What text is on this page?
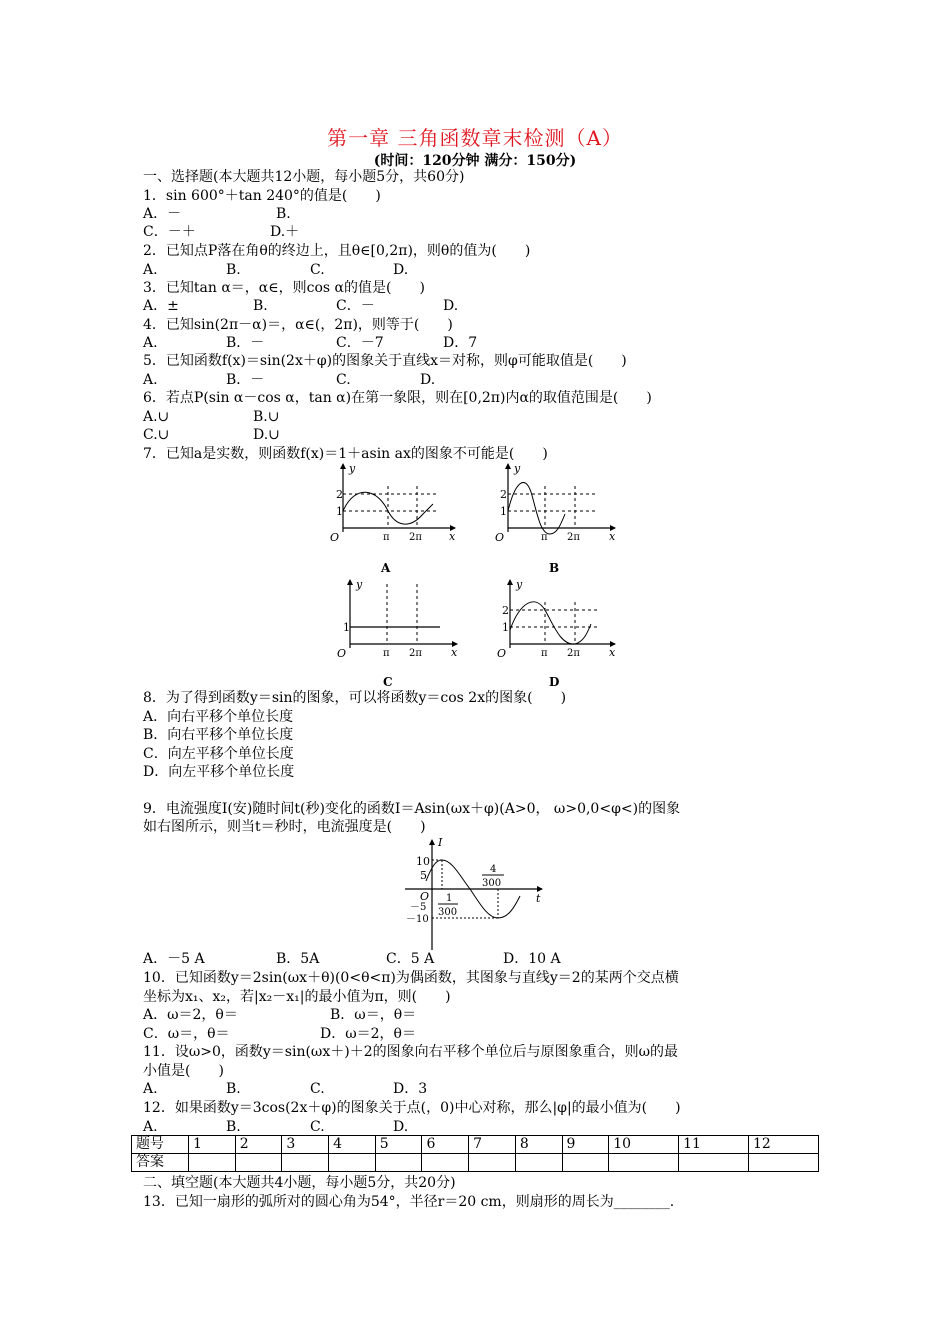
第一章 三角函数章末检测（A）
(时间：120分钟 满分：150分)
一、选择题(本大题共12小题，每小题5分，共60分)
1．sin 600°＋tan 240°的值是(　　)
A．－	B.
C．－＋	D.＋
2．已知点P落在角θ的终边上，且θ∈[0,2π)，则θ的值为(　　)
A.	B.	C.	D.
3．已知tan α＝，α∈，则cos α的值是(　　)
A．±	B.	C．－	D.
4．已知sin(2π－α)＝，α∈(，2π)，则等于(　　)
A.	B．－	C．－7	D．7
5．已知函数f(x)＝sin(2x＋φ)的图象关于直线x＝对称，则φ可能取值是(　　)
A.	B．－	C.	D.
6．若点P(sin α－cos α，tan α)在第一象限，则在[0,2π)内α的取值范围是(　　)
A.∪	B.∪
C.∪	D.∪
7．已知a是实数，则函数f(x)＝1＋asin ax的图象不可能是(　　)
2
1
O
y
x
π 2π
A
2
1
O
y
x
π 2π
B
1
O
y
x
π 2π
C
2
1
O
y
x
π 2π
D
8．为了得到函数y＝sin的图象，可以将函数y＝cos 2x的图象(　　)
A．向右平移个单位长度
B．向右平移个单位长度
C．向左平移个单位长度
D．向左平移个单位长度
9．电流强度I(安)随时间t(秒)变化的函数I＝Asin(ωx＋φ)(A>0， ω>0,0<φ<)的图象
如右图所示，则当t＝秒时，电流强度是(　　)
10
5
O
－5
－10
I
t
1
300
4
300
A．－5 A	B．5A	C．5 A	D．10 A
10．已知函数y＝2sin(ωx＋θ)(0<θ<π)为偶函数，其图象与直线y＝2的某两个交点横
坐标为x₁、x₂，若|x₂－x₁|的最小值为π，则(　　)
A．ω＝2，θ＝	B．ω＝，θ＝
C．ω＝，θ＝	D．ω＝2，θ＝
11．设ω>0，函数y＝sin(ωx＋)＋2的图象向右平移个单位后与原图象重合，则ω的最
小值是(　　)
A.	B.	C.	D．3
12．如果函数y＝3cos(2x＋φ)的图象关于点(，0)中心对称，那么|φ|的最小值为(　　)
A.	B.	C.	D.
题号	1	2	3	4	5	6	7	8	9	10	11	12
答案												
二、填空题(本大题共4小题，每小题5分，共20分)
13．已知一扇形的弧所对的圆心角为54°，半径r＝20 cm，则扇形的周长为________.
